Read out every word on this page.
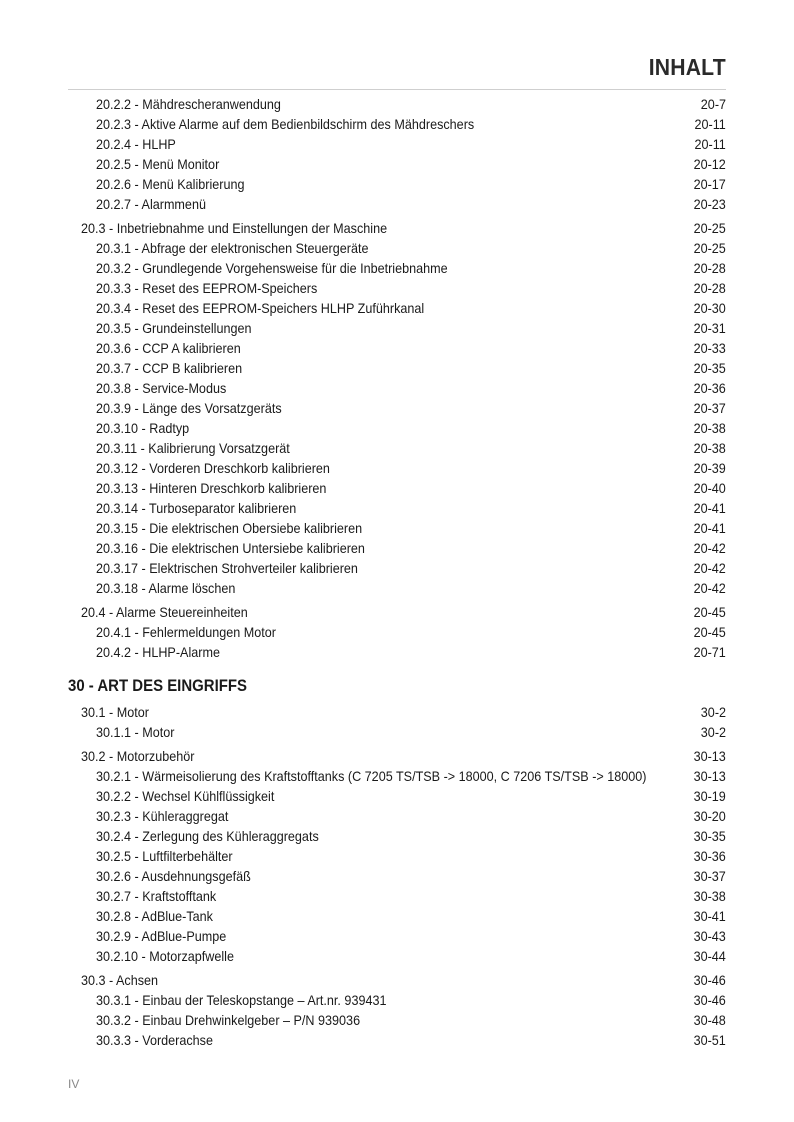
INHALT
20.2.2 - Mähdrescheranwendung	20-7
20.2.3 - Aktive Alarme auf dem Bedienbildschirm des Mähdreschers	20-11
20.2.4 - HLHP	20-11
20.2.5 - Menü Monitor	20-12
20.2.6 - Menü Kalibrierung	20-17
20.2.7 - Alarmmenü	20-23
20.3 - Inbetriebnahme und Einstellungen der Maschine	20-25
20.3.1 - Abfrage der elektronischen Steuergeräte	20-25
20.3.2 - Grundlegende Vorgehensweise für die Inbetriebnahme	20-28
20.3.3 - Reset des EEPROM-Speichers	20-28
20.3.4 - Reset des EEPROM-Speichers HLHP Zuführkanal	20-30
20.3.5 - Grundeinstellungen	20-31
20.3.6 - CCP A kalibrieren	20-33
20.3.7 - CCP B kalibrieren	20-35
20.3.8 - Service-Modus	20-36
20.3.9 - Länge des Vorsatzgeräts	20-37
20.3.10 - Radtyp	20-38
20.3.11 - Kalibrierung Vorsatzgerät	20-38
20.3.12 - Vorderen Dreschkorb kalibrieren	20-39
20.3.13 - Hinteren Dreschkorb kalibrieren	20-40
20.3.14 - Turboseparator kalibrieren	20-41
20.3.15 - Die elektrischen Obersiebe kalibrieren	20-41
20.3.16 - Die elektrischen Untersiebe kalibrieren	20-42
20.3.17 - Elektrischen Strohverteiler kalibrieren	20-42
20.3.18 - Alarme löschen	20-42
20.4 - Alarme Steuereinheiten	20-45
20.4.1 - Fehlermeldungen Motor	20-45
20.4.2 - HLHP-Alarme	20-71
30 - ART DES EINGRIFFS
30.1 - Motor	30-2
30.1.1 - Motor	30-2
30.2 - Motorzubehör	30-13
30.2.1 - Wärmeisolierung des Kraftstofftanks (C 7205 TS/TSB -> 18000, C 7206 TS/TSB -> 18000)	30-13
30.2.2 - Wechsel Kühlflüssigkeit	30-19
30.2.3 - Kühleraggregat	30-20
30.2.4 - Zerlegung des Kühleraggregats	30-35
30.2.5 - Luftfilterbehälter	30-36
30.2.6 - Ausdehnungsgefäß	30-37
30.2.7 - Kraftstofftank	30-38
30.2.8 - AdBlue-Tank	30-41
30.2.9 - AdBlue-Pumpe	30-43
30.2.10 - Motorzapfwelle	30-44
30.3 - Achsen	30-46
30.3.1 - Einbau der Teleskopstange – Art.nr. 939431	30-46
30.3.2 - Einbau Drehwinkelgeber – P/N 939036	30-48
30.3.3 - Vorderachse	30-51
IV
